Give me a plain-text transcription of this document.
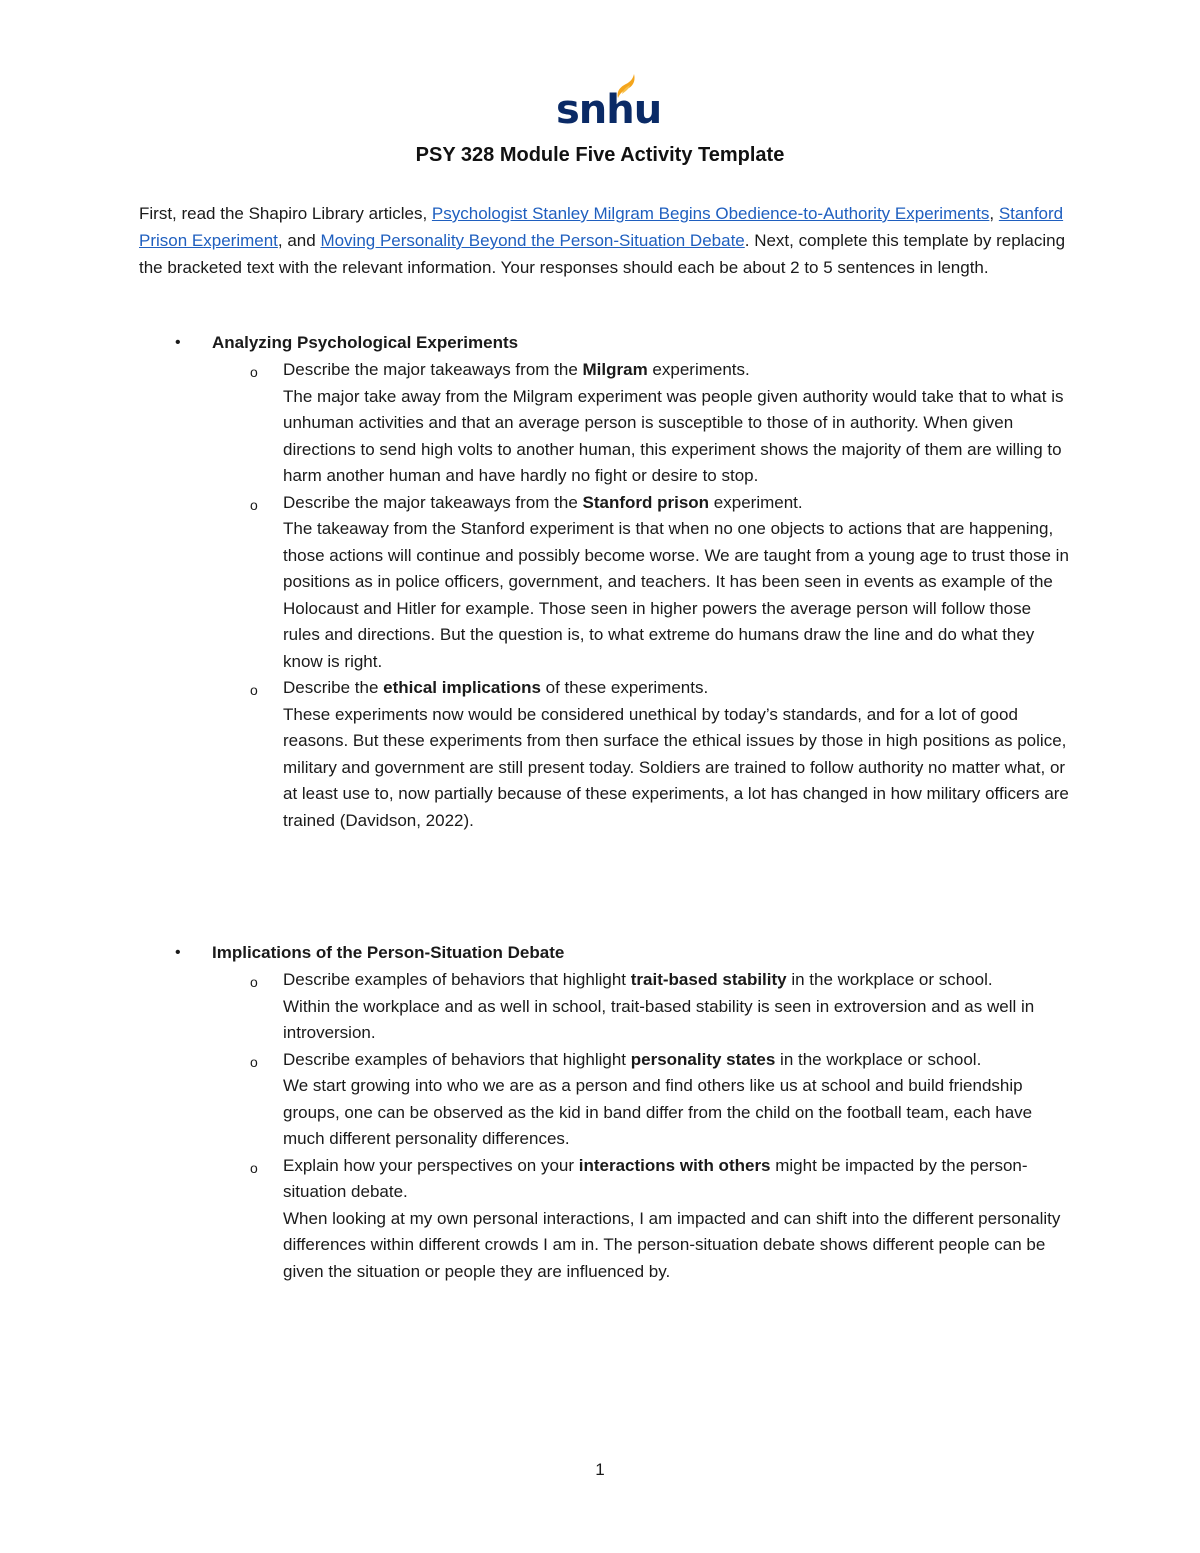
snhu
PSY 328 Module Five Activity Template
First, read the Shapiro Library articles, Psychologist Stanley Milgram Begins Obedience-to-Authority Experiments, Stanford Prison Experiment, and Moving Personality Beyond the Person-Situation Debate. Next, complete this template by replacing the bracketed text with the relevant information. Your responses should each be about 2 to 5 sentences in length.
• Analyzing Psychological Experiments
o Describe the major takeaways from the Milgram experiments.

The major take away from the Milgram experiment was people given authority would take that to what is unhuman activities and that an average person is susceptible to those of in authority. When given directions to send high volts to another human, this experiment shows the majority of them are willing to harm another human and have hardly no fight or desire to stop.

o Describe the major takeaways from the Stanford prison experiment.

The takeaway from the Stanford experiment is that when no one objects to actions that are happening, those actions will continue and possibly become worse. We are taught from a young age to trust those in positions as in police officers, government, and teachers. It has been seen in events as example of the Holocaust and Hitler for example. Those seen in higher powers the average person will follow those rules and directions. But the question is, to what extreme do humans draw the line and do what they know is right.

o Describe the ethical implications of these experiments.

These experiments now would be considered unethical by today’s standards, and for a lot of good reasons. But these experiments from then surface the ethical issues by those in high positions as police, military and government are still present today. Soldiers are trained to follow authority no matter what, or at least use to, now partially because of these experiments, a lot has changed in how military officers are trained (Davidson, 2022).

• Implications of the Person-Situation Debate
o Describe examples of behaviors that highlight trait-based stability in the workplace or school.

Within the workplace and as well in school, trait-based stability is seen in extroversion and as well in introversion.

o Describe examples of behaviors that highlight personality states in the workplace or school.

We start growing into who we are as a person and find others like us at school and build friendship groups, one can be observed as the kid in band differ from the child on the football team, each have much different personality differences.

o Explain how your perspectives on your interactions with others might be impacted by the person-situation debate.

When looking at my own personal interactions, I am impacted and can shift into the different personality differences within different crowds I am in. The person-situation debate shows different people can be given the situation or people they are influenced by.

1
